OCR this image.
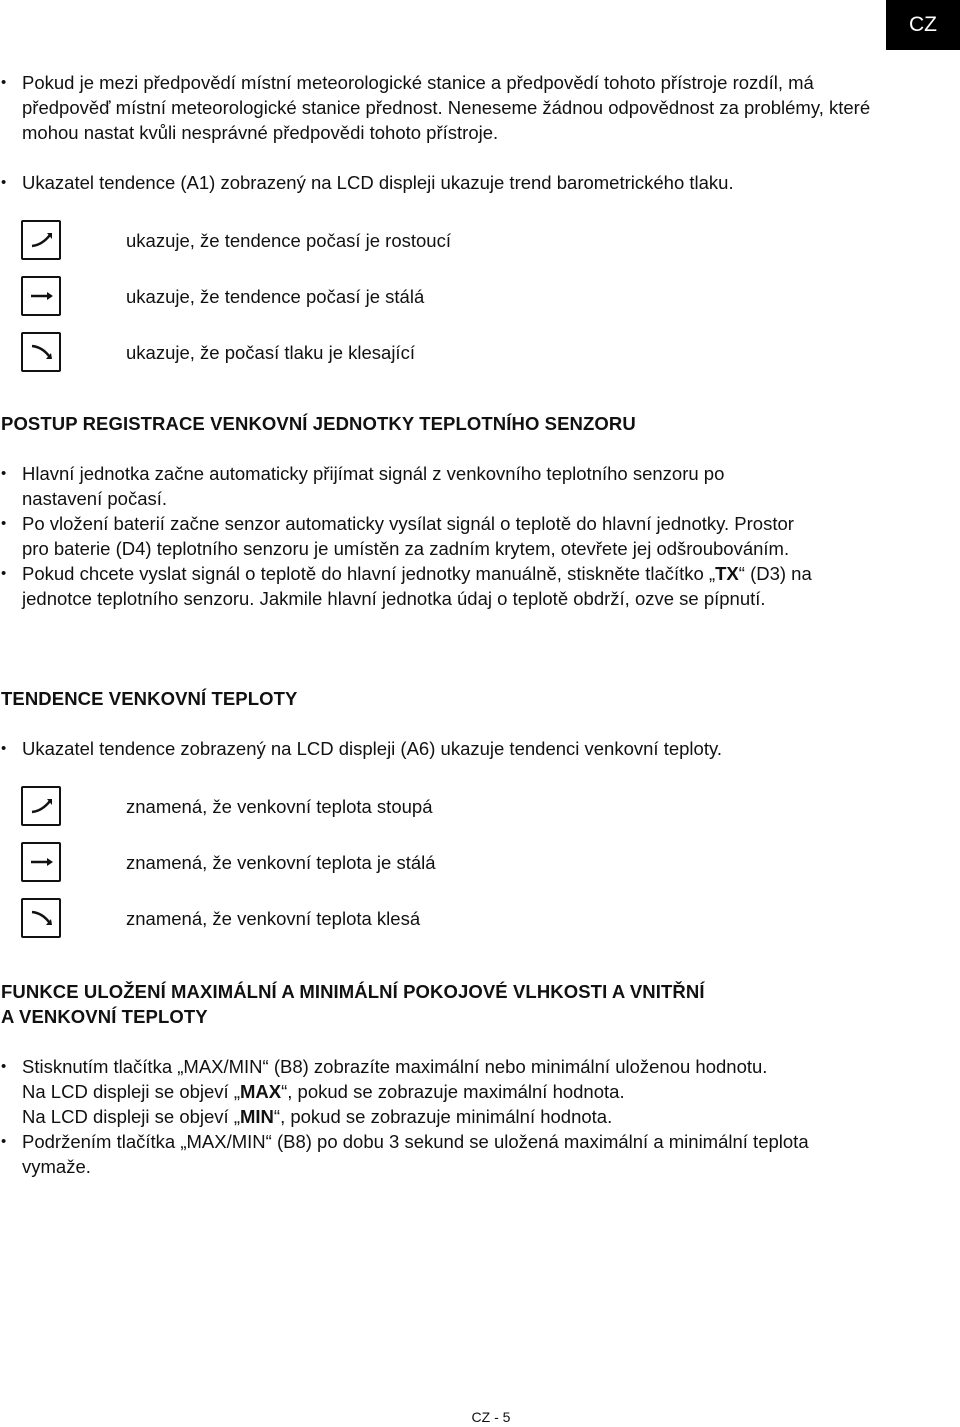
CZ
• Pokud je mezi předpovědí místní meteorologické stanice a předpovědí tohoto přístroje rozdíl, má předpověď místní meteorologické stanice přednost. Neneseme žádnou odpovědnost za problémy, které mohou nastat kvůli nesprávné předpovědi tohoto přístroje.
• Ukazatel tendence (A1) zobrazený na LCD displeji ukazuje trend barometrického tlaku.
ukazuje, že tendence počasí je rostoucí
ukazuje, že tendence počasí je stálá
ukazuje, že počasí tlaku je klesající
POSTUP REGISTRACE VENKOVNÍ JEDNOTKY TEPLOTNÍHO SENZORU
• Hlavní jednotka začne automaticky přijímat signál z venkovního teplotního senzoru po nastavení počasí.
• Po vložení baterií začne senzor automaticky vysílat signál o teplotě do hlavní jednotky. Prostor pro baterie (D4) teplotního senzoru je umístěn za zadním krytem, otevřete jej odšroubováním.
• Pokud chcete vyslat signál o teplotě do hlavní jednotky manuálně, stiskněte tlačítko „TX“ (D3) na jednotce teplotního senzoru. Jakmile hlavní jednotka údaj o teplotě obdrží, ozve se pípnutí.
TENDENCE VENKOVNÍ TEPLOTY
• Ukazatel tendence zobrazený na LCD displeji (A6) ukazuje tendenci venkovní teploty.
znamená, že venkovní teplota stoupá
znamená, že venkovní teplota je stálá
znamená, že venkovní teplota klesá
FUNKCE ULOŽENÍ MAXIMÁLNÍ A MINIMÁLNÍ POKOJOVÉ VLHKOSTI A VNITŘNÍ
A VENKOVNÍ TEPLOTY
• Stisknutím tlačítka „MAX/MIN“ (B8) zobrazíte maximální nebo minimální uloženou hodnotu.
Na LCD displeji se objeví „MAX“, pokud se zobrazuje maximální hodnota.
Na LCD displeji se objeví „MIN“, pokud se zobrazuje minimální hodnota.
• Podržením tlačítka „MAX/MIN“ (B8) po dobu 3 sekund se uložená maximální a minimální teplota vymaže.
CZ - 5
